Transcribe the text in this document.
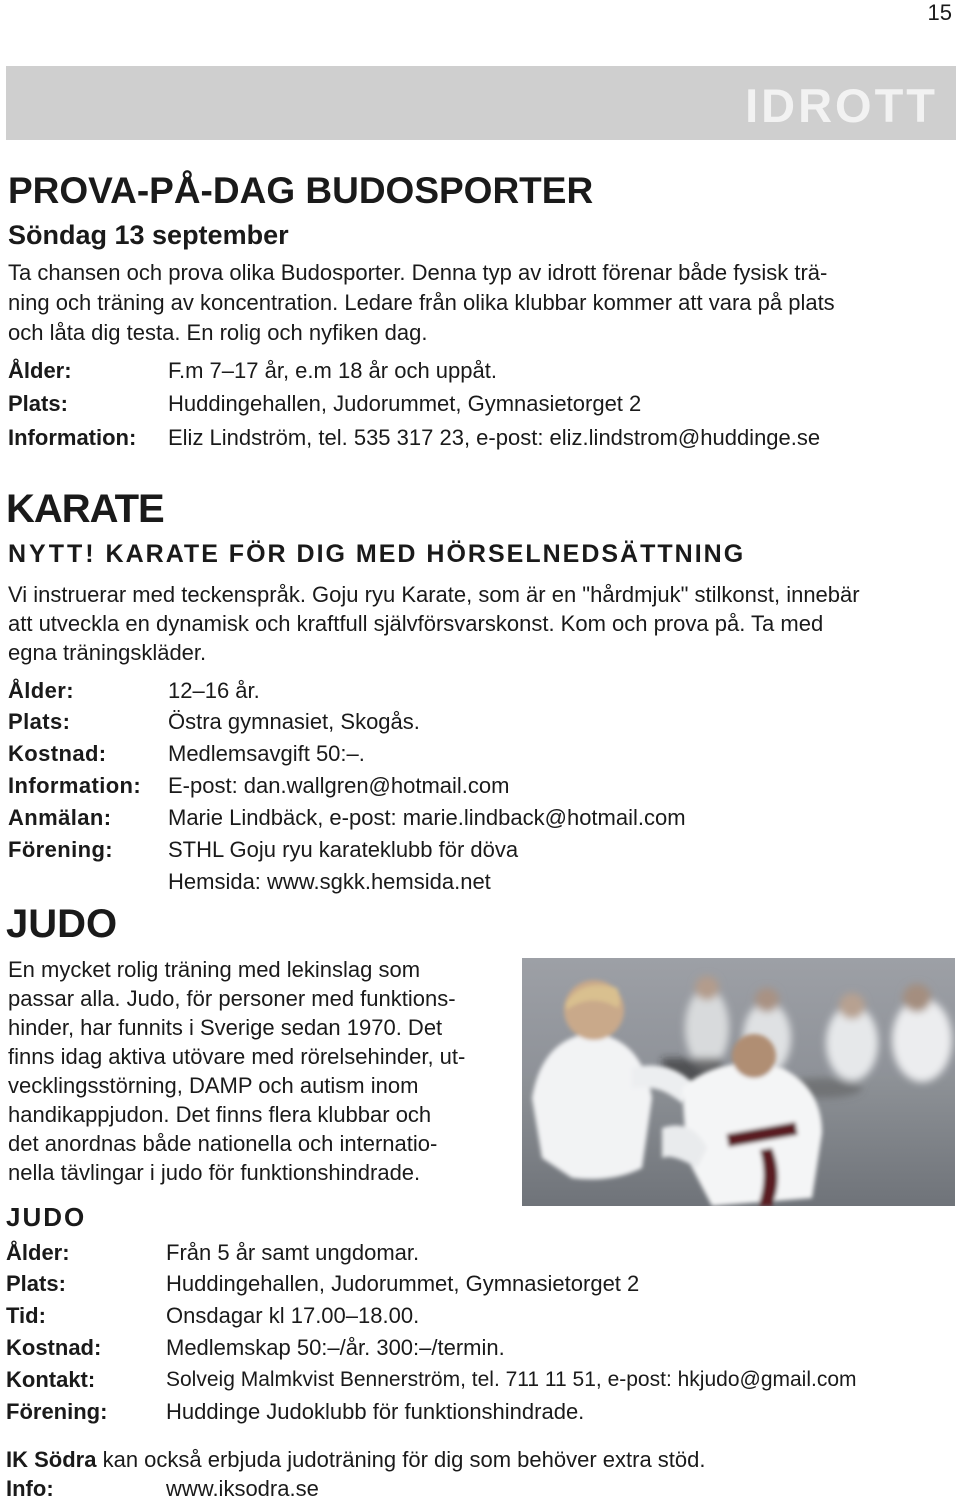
15
IDROTT
PROVA-PÅ-DAG BUDOSPORTER
Söndag 13 september
Ta chansen och prova olika Budosporter. Denna typ av idrott förenar både fysisk trä-
ning och träning av koncentration. Ledare från olika klubbar kommer att vara på plats
och låta dig testa. En rolig och nyfiken dag.
Ålder:	F.m 7–17 år, e.m 18 år och uppåt.
Plats:	Huddingehallen, Judorummet, Gymnasietorget 2
Information: Eliz Lindström, tel. 535 317 23, e-post: eliz.lindstrom@huddinge.se
KARATE
NYTT! KARATE FÖR DIG MED HÖRSELNEDSÄTTNING
Vi instruerar med teckenspråk. Goju ryu Karate, som är en "hårdmjuk" stilkonst, innebär
att utveckla en dynamisk och kraftfull självförsvarskonst. Kom och prova på. Ta med
egna träningskläder.
Ålder:	12–16 år.
Plats:	Östra gymnasiet, Skogås.
Kostnad:	Medlemsavgift 50:–.
Information: E-post: dan.wallgren@hotmail.com
Anmälan:	Marie Lindbäck, e-post: marie.lindback@hotmail.com
Förening: STHL Goju ryu karateklubb för döva
Hemsida: www.sgkk.hemsida.net
JUDO
En mycket rolig träning med lekinslag som
passar alla. Judo, för personer med funktions-
hinder, har funnits i Sverige sedan 1970. Det
finns idag aktiva utövare med rörelsehinder, ut-
vecklingsstörning, DAMP och autism inom
handikappjudon. Det finns flera klubbar och
det anordnas både nationella och internatio-
nella tävlingar i judo för funktionshindrade.
JUDO
Ålder:	Från 5 år samt ungdomar.
Plats:	Huddingehallen, Judorummet, Gymnasietorget 2
Tid:	Onsdagar kl 17.00–18.00.
Kostnad:	Medlemskap 50:–/år. 300:–/termin.
Kontakt:	Solveig Malmkvist Bennerström, tel. 711 11 51, e-post: hkjudo@gmail.com
Förening:	Huddinge Judoklubb för funktionshindrade.
IK Södra kan också erbjuda judoträning för dig som behöver extra stöd.
Info:	www.iksodra.se
